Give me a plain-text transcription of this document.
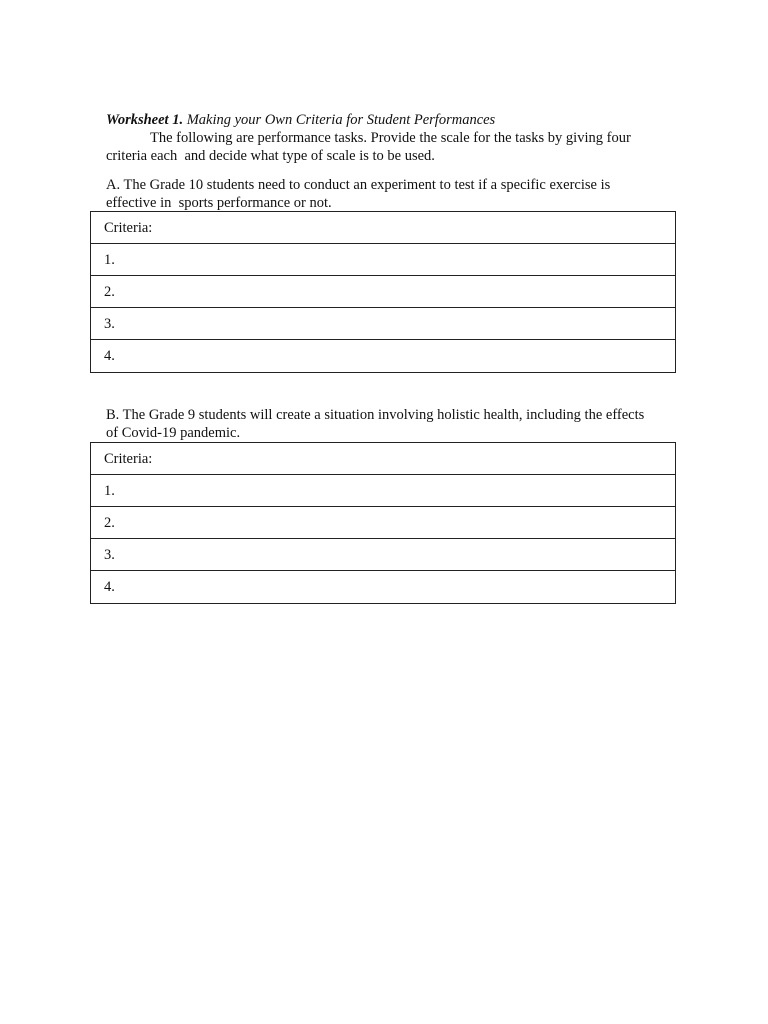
Worksheet 1. Making your Own Criteria for Student Performances
The following are performance tasks. Provide the scale for the tasks by giving four
criteria each  and decide what type of scale is to be used.
A. The Grade 10 students need to conduct an experiment to test if a specific exercise is
effective in  sports performance or not.
Criteria:
1.
2.
3.
4.
B. The Grade 9 students will create a situation involving holistic health, including the effects
of Covid-19 pandemic.
Criteria:
1.
2.
3.
4.
